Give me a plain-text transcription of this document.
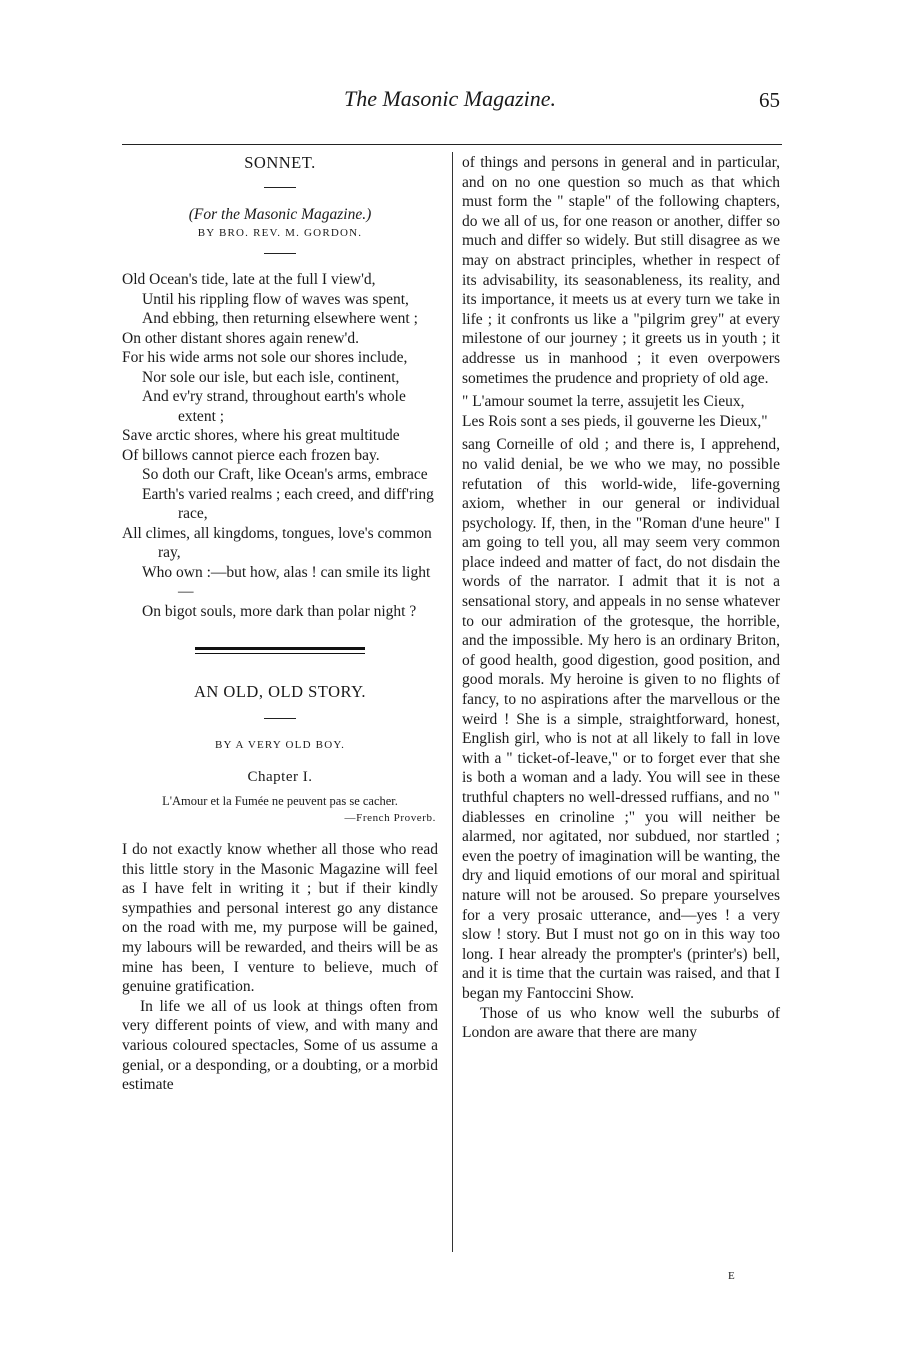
The Masonic Magazine.	65
SONNET.
(For the Masonic Magazine.)
BY BRO. REV. M. GORDON.
Old Ocean's tide, late at the full I view'd,
Until his rippling flow of waves was spent,
And ebbing, then returning elsewhere went ;
On other distant shores again renew'd.
For his wide arms not sole our shores include,
Nor sole our isle, but each isle, continent,
And ev'ry strand, throughout earth's whole extent ;
Save arctic shores, where his great multitude
Of billows cannot pierce each frozen bay.
So doth our Craft, like Ocean's arms, embrace
Earth's varied realms ; each creed, and diff'ring race,
All climes, all kingdoms, tongues, love's common ray,
Who own :—but how, alas ! can smile its light—
On bigot souls, more dark than polar night ?
AN OLD, OLD STORY.
BY A VERY OLD BOY.
Chapter I.
L'Amour et la Fumée ne peuvent pas se cacher.
—French Proverb.

I do not exactly know whether all those who read this little story in the Masonic Magazine will feel as I have felt in writing it ; but if their kindly sympathies and personal interest go any distance on the road with me, my purpose will be gained, my labours will be rewarded, and theirs will be as mine has been, I venture to believe, much of genuine gratification.

In life we all of us look at things often from very different points of view, and with many and various coloured spectacles, Some of us assume a genial, or a desponding, or a doubting, or a morbid estimate

of things and persons in general and in particular, and on no one question so much as that which must form the " staple" of the following chapters, do we all of us, for one reason or another, differ so much and differ so widely. But still disagree as we may on abstract principles, whether in respect of its advisability, its seasonableness, its reality, and its importance, it meets us at every turn we take in life ; it confronts us like a "pilgrim grey" at every milestone of our journey ; it greets us in youth ; it addresse us in manhood ; it even overpowers sometimes the prudence and propriety of old age.

" L'amour soumet la terre, assujetit les Cieux,
Les Rois sont a ses pieds, il gouverne les Dieux,"

sang Corneille of old ; and there is, I apprehend, no valid denial, be we who we may, no possible refutation of this world-wide, life-governing axiom, whether in our general or individual psychology. If, then, in the "Roman d'une heure" I am going to tell you, all may seem very common place indeed and matter of fact, do not disdain the words of the narrator. I admit that it is not a sensational story, and appeals in no sense whatever to our admiration of the grotesque, the horrible, and the impossible. My hero is an ordinary Briton, of good health, good digestion, good position, and good morals. My heroine is given to no flights of fancy, to no aspirations after the marvellous or the weird ! She is a simple, straightforward, honest, English girl, who is not at all likely to fall in love with a " ticket-of-leave," or to forget ever that she is both a woman and a lady. You will see in these truthful chapters no well-dressed ruffians, and no " diablesses en crinoline ;" you will neither be alarmed, nor agitated, nor subdued, nor startled ; even the poetry of imagination will be wanting, the dry and liquid emotions of our moral and spiritual nature will not be aroused. So prepare yourselves for a very prosaic utterance, and—yes ! a very slow ! story. But I must not go on in this way too long. I hear already the prompter's (printer's) bell, and it is time that the curtain was raised, and that I began my Fantoccini Show.

Those of us who know well the suburbs of London are aware that there are many

E
